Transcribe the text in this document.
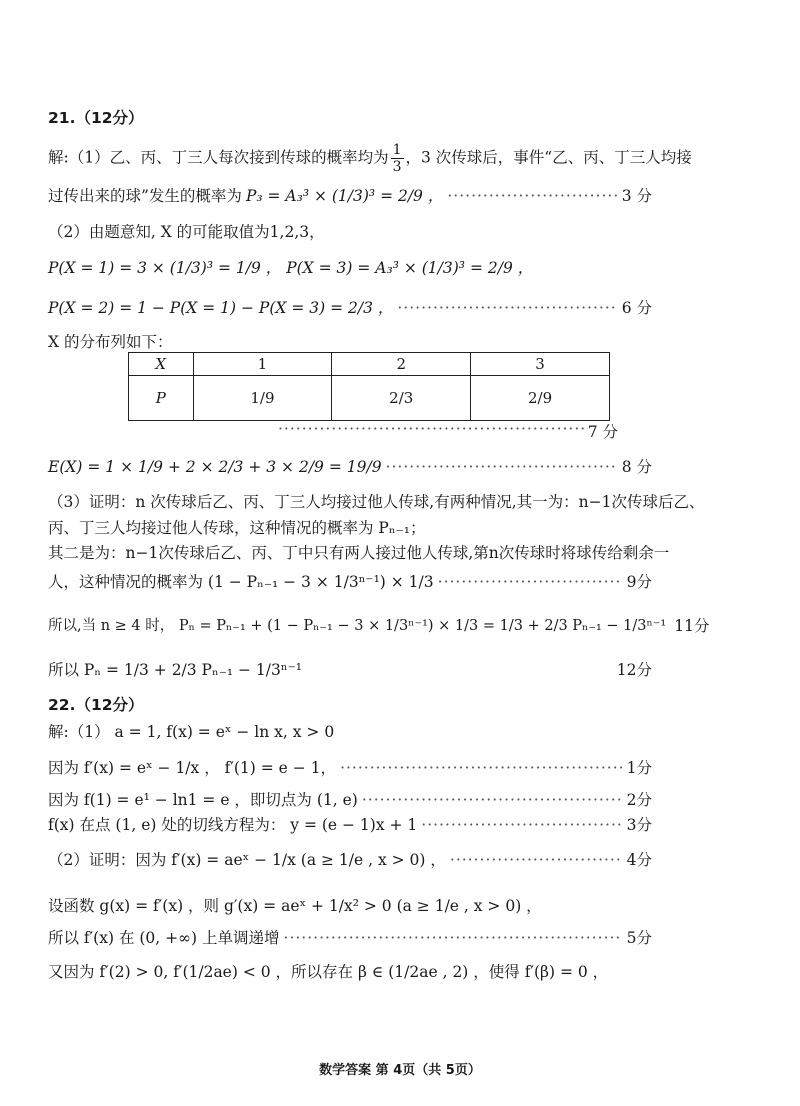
21.（12分）
解:（1）乙、丙、丁三人每次接到传球的概率均为 $\frac{1}{3}$ ，3 次传球后，事件“乙、丙、丁三人均接
过传出来的球”发生的概率为 P₃ = A₃³ × (1/3)³ = 2/9 ， ·····	3 分
（2）由题意知, X 的可能取值为1,2,3，
P(X = 1) = 3 × (1/3)³ = 1/9 ， P(X = 3) = A₃³ × (1/3)³ = 2/9 ，
P(X = 2) = 1 − P(X = 1) − P(X = 3) = 2/3 ， ·····	6 分
X 的分布列如下：
X	1	2	3
P	1/9	2/3	2/9
·····
7 分
E(X) = 1 × 1/9 + 2 × 2/3 + 3 × 2/9 = 19/9 ·····	8 分
（3）证明：n 次传球后乙、丙、丁三人均接过他人传球,有两种情况,其一为：n−1次传球后乙、
丙、丁三人均接过他人传球，这种情况的概率为 Pₙ₋₁；
其二是为：n−1次传球后乙、丙、丁中只有两人接过他人传球,第n次传球时将球传给剩余一
人，这种情况的概率为 (1 − Pₙ₋₁ − 3 × 1/3ⁿ⁻¹) × 1/3 ·····	9分
所以,当 n ≥ 4 时， Pₙ = Pₙ₋₁ + (1 − Pₙ₋₁ − 3 × 1/3ⁿ⁻¹) × 1/3 = 1/3 + 2/3 Pₙ₋₁ − 1/3ⁿ⁻¹ 11分
所以 Pₙ = 1/3 + 2/3 Pₙ₋₁ − 1/3ⁿ⁻¹	12分
22.（12分）
解:（1） a = 1, f(x) = eˣ − ln x, x > 0
因为 f′(x) = eˣ − 1/x ， f′(1) = e − 1， ·····	1分
因为 f(1) = e¹ − ln1 = e ，即切点为 (1, e) ·····	2分
f(x) 在点 (1, e) 处的切线方程为： y = (e − 1)x + 1 ·····	3分
（2）证明：因为 f′(x) = aeˣ − 1/x (a ≥ 1/e , x > 0) ， ·····	4分
设函数 g(x) = f′(x) ，则 g′(x) = aeˣ + 1/x² > 0 (a ≥ 1/e , x > 0) ，
所以 f′(x) 在 (0, +∞) 上单调递增 ·····	5分
又因为 f′(2) > 0, f′(1/2ae) < 0 ，所以存在 β ∈ (1/2ae , 2) ，使得 f′(β) = 0 ，
数学答案 第 4页（共 5页）
